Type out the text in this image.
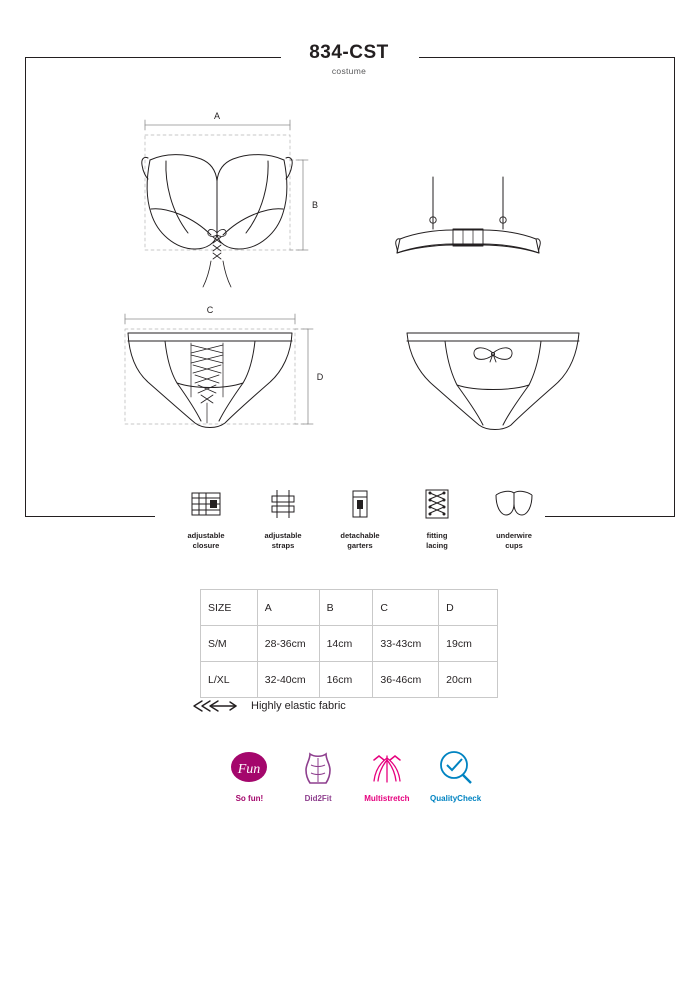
834-CST
costume
A
B
C
D
adjustable
closure
adjustable
straps
detachable
garters
fitting
lacing
underwire
cups
SIZE	A	B	C	D
S/M	28-36cm	14cm	33-43cm	19cm
L/XL	32-40cm	16cm	36-46cm	20cm
Highly elastic fabric
Fun
So fun!	Did2Fit	Multistretch	QualityCheck
